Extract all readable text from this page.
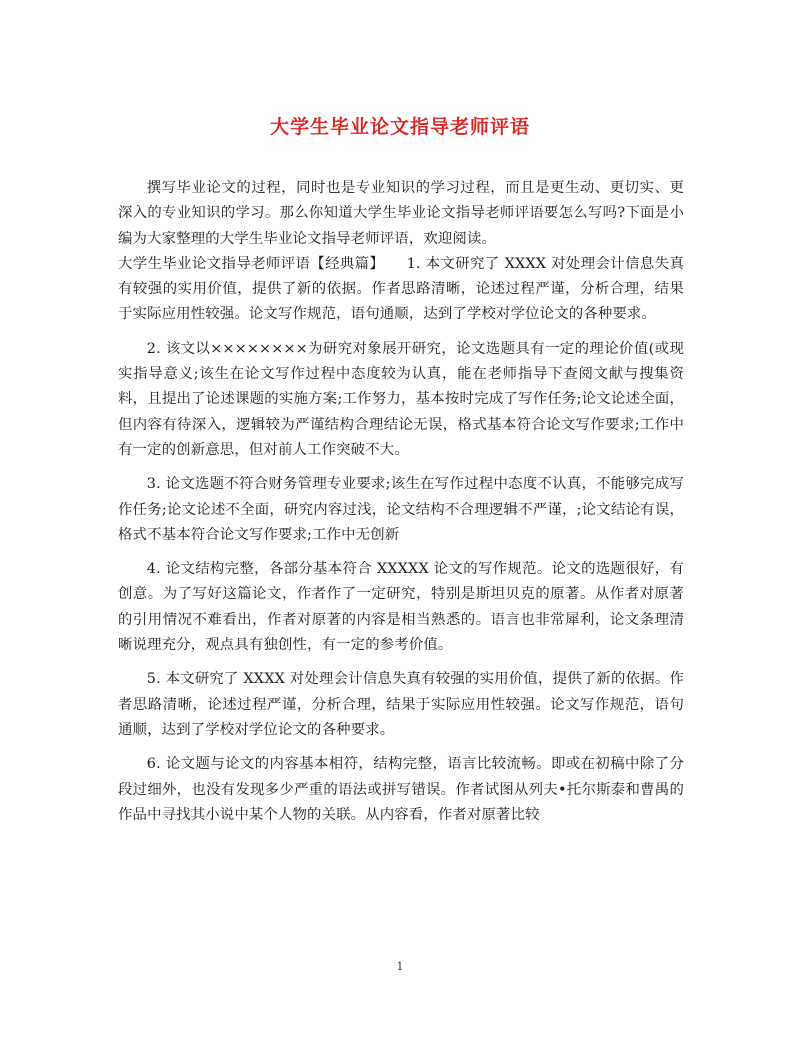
大学生毕业论文指导老师评语

撰写毕业论文的过程，同时也是专业知识的学习过程，而且是更生动、更切实、更深入的专业知识的学习。那么你知道大学生毕业论文指导老师评语要怎么写吗?下面是小编为大家整理的大学生毕业论文指导老师评语，欢迎阅读。

大学生毕业论文指导老师评语【经典篇】　　1. 本文研究了 XXXX 对处理会计信息失真有较强的实用价值，提供了新的依据。作者思路清晰，论述过程严谨，分析合理，结果于实际应用性较强。论文写作规范，语句通顺，达到了学校对学位论文的各种要求。

2. 该文以××××××××为研究对象展开研究，论文选题具有一定的理论价值(或现实指导意义;该生在论文写作过程中态度较为认真，能在老师指导下查阅文献与搜集资料，且提出了论述课题的实施方案;工作努力，基本按时完成了写作任务;论文论述全面，但内容有待深入，逻辑较为严谨结构合理结论无误，格式基本符合论文写作要求;工作中有一定的创新意思，但对前人工作突破不大。

3. 论文选题不符合财务管理专业要求;该生在写作过程中态度不认真，不能够完成写作任务;论文论述不全面，研究内容过浅，论文结构不合理逻辑不严谨，;论文结论有误，格式不基本符合论文写作要求;工作中无创新

4. 论文结构完整，各部分基本符合 XXXXX 论文的写作规范。论文的选题很好，有创意。为了写好这篇论文，作者作了一定研究，特别是斯坦贝克的原著。从作者对原著的引用情况不难看出，作者对原著的内容是相当熟悉的。语言也非常犀利，论文条理清晰说理充分，观点具有独创性，有一定的参考价值。

5. 本文研究了 XXXX 对处理会计信息失真有较强的实用价值，提供了新的依据。作者思路清晰，论述过程严谨，分析合理，结果于实际应用性较强。论文写作规范，语句通顺，达到了学校对学位论文的各种要求。

6. 论文题与论文的内容基本相符，结构完整，语言比较流畅。即或在初稿中除了分段过细外，也没有发现多少严重的语法或拼写错误。作者试图从列夫•托尔斯泰和曹禺的作品中寻找其小说中某个人物的关联。从内容看，作者对原著比较

1
